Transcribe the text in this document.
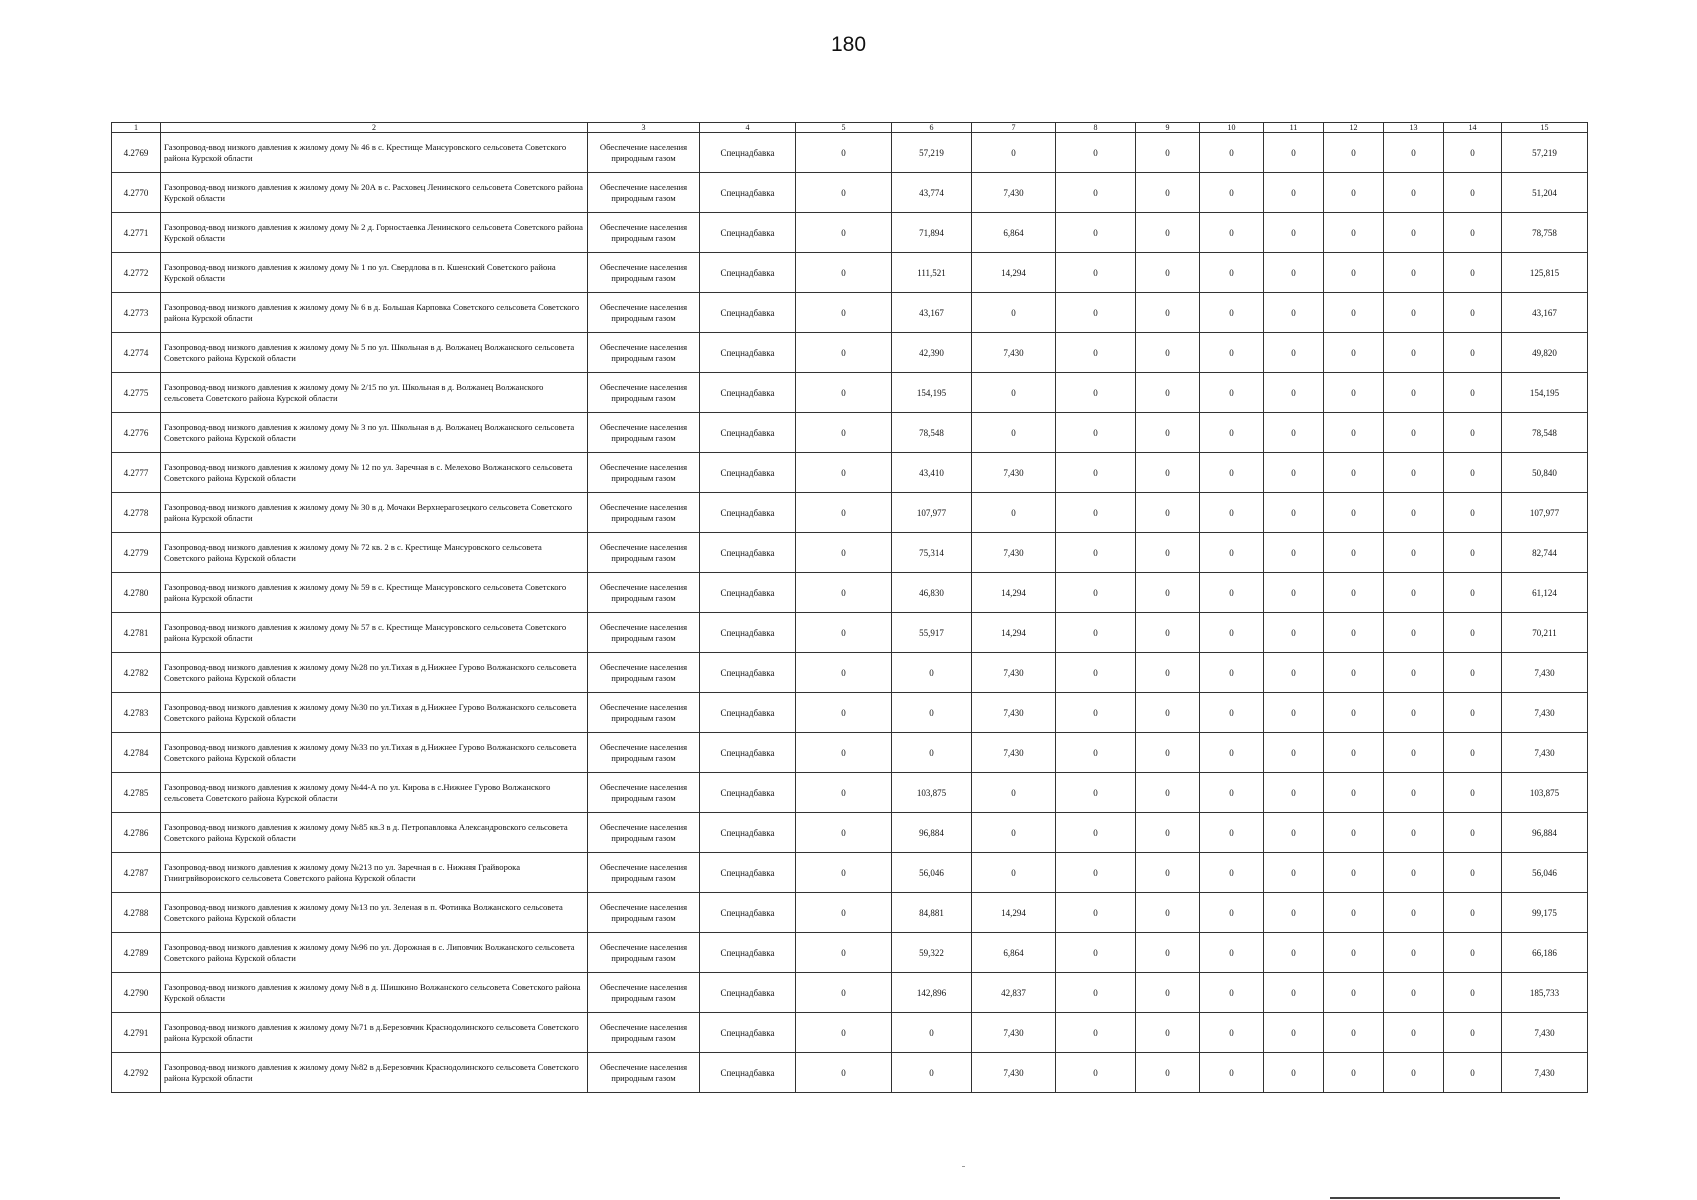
180
1	2	3	4	5	6	7	8	9	10	11	12	13	14	15
4.2769	Газопровод-ввод низкого давления к жилому дому № 46 в с. Крестище Мансуровского сельсовета Советского района Курской области	Обеспечение населения природным газом	Спецнадбавка	0	57,219	0	0	0	0	0	0	0	0	57,219
4.2770	Газопровод-ввод низкого давления к жилому дому № 20А в с. Расховец Ленинского сельсовета Советского района Курской области	Обеспечение населения природным газом	Спецнадбавка	0	43,774	7,430	0	0	0	0	0	0	0	51,204
4.2771	Газопровод-ввод низкого давления к жилому дому № 2 д. Горностаевка Ленинского сельсовета Советского района Курской области	Обеспечение населения природным газом	Спецнадбавка	0	71,894	6,864	0	0	0	0	0	0	0	78,758
4.2772	Газопровод-ввод низкого давления к жилому дому № 1 по ул. Свердлова в п. Кшенский Советского района Курской области	Обеспечение населения природным газом	Спецнадбавка	0	111,521	14,294	0	0	0	0	0	0	0	125,815
4.2773	Газопровод-ввод низкого давления к жилому дому № 6 в д. Большая Карповка Советского сельсовета Советского района Курской области	Обеспечение населения природным газом	Спецнадбавка	0	43,167	0	0	0	0	0	0	0	0	43,167
4.2774	Газопровод-ввод низкого давления к жилому дому № 5 по ул. Школьная в д. Волжанец Волжанского сельсовета Советского района Курской области	Обеспечение населения природным газом	Спецнадбавка	0	42,390	7,430	0	0	0	0	0	0	0	49,820
4.2775	Газопровод-ввод низкого давления к жилому дому № 2/15 по ул. Школьная в д. Волжанец Волжанского сельсовета Советского района Курской области	Обеспечение населения природным газом	Спецнадбавка	0	154,195	0	0	0	0	0	0	0	0	154,195
4.2776	Газопровод-ввод низкого давления к жилому дому № 3 по ул. Школьная в д. Волжанец Волжанского сельсовета Советского района Курской области	Обеспечение населения природным газом	Спецнадбавка	0	78,548	0	0	0	0	0	0	0	0	78,548
4.2777	Газопровод-ввод низкого давления к жилому дому № 12 по ул. Заречная в с. Мелехово Волжанского сельсовета Советского района Курской области	Обеспечение населения природным газом	Спецнадбавка	0	43,410	7,430	0	0	0	0	0	0	0	50,840
4.2778	Газопровод-ввод низкого давления к жилому дому № 30 в д. Мочаки Верхнерагозецкого сельсовета Советского района Курской области	Обеспечение населения природным газом	Спецнадбавка	0	107,977	0	0	0	0	0	0	0	0	107,977
4.2779	Газопровод-ввод низкого давления к жилому дому № 72 кв. 2 в с. Крестище Мансуровского сельсовета Советского района Курской области	Обеспечение населения природным газом	Спецнадбавка	0	75,314	7,430	0	0	0	0	0	0	0	82,744
4.2780	Газопровод-ввод низкого давления к жилому дому № 59 в с. Крестище Мансуровского сельсовета Советского района Курской области	Обеспечение населения природным газом	Спецнадбавка	0	46,830	14,294	0	0	0	0	0	0	0	61,124
4.2781	Газопровод-ввод низкого давления к жилому дому № 57 в с. Крестище Мансуровского сельсовета Советского района Курской области	Обеспечение населения природным газом	Спецнадбавка	0	55,917	14,294	0	0	0	0	0	0	0	70,211
4.2782	Газопровод-ввод низкого давления к жилому дому №28 по ул.Тихая в д.Нижнее Гурово Волжанского сельсовета Советского района Курской области	Обеспечение населения природным газом	Спецнадбавка	0	0	7,430	0	0	0	0	0	0	0	7,430
4.2783	Газопровод-ввод низкого давления к жилому дому №30 по ул.Тихая в д.Нижнее Гурово Волжанского сельсовета Советского района Курской области	Обеспечение населения природным газом	Спецнадбавка	0	0	7,430	0	0	0	0	0	0	0	7,430
4.2784	Газопровод-ввод низкого давления к жилому дому №33 по ул.Тихая в д.Нижнее Гурово Волжанского сельсовета Советского района Курской области	Обеспечение населения природным газом	Спецнадбавка	0	0	7,430	0	0	0	0	0	0	0	7,430
4.2785	Газопровод-ввод низкого давления к жилому дому №44-А по ул. Кирова в с.Нижнее Гурово Волжанского сельсовета Советского района Курской области	Обеспечение населения природным газом	Спецнадбавка	0	103,875	0	0	0	0	0	0	0	0	103,875
4.2786	Газопровод-ввод низкого давления к жилому дому №85 кв.3 в д. Петропавловка Александровского сельсовета Советского района Курской области	Обеспечение населения природным газом	Спецнадбавка	0	96,884	0	0	0	0	0	0	0	0	96,884
4.2787	Газопровод-ввод низкого давления к жилому дому №213 по ул. Заречная в с. Нижняя Грайворока Гниигрвйвороиского сельсовета Советского района Курской области	Обеспечение населения природным газом	Спецнадбавка	0	56,046	0	0	0	0	0	0	0	0	56,046
4.2788	Газопровод-ввод низкого давления к жилому дому №13 по ул. Зеленая в п. Фотинка Волжанского сельсовета Советского района Курской области	Обеспечение населения природным газом	Спецнадбавка	0	84,881	14,294	0	0	0	0	0	0	0	99,175
4.2789	Газопровод-ввод низкого давления к жилому дому №96 по ул. Дорожная в с. Липовчик Волжанского сельсовета Советского района Курской области	Обеспечение населения природным газом	Спецнадбавка	0	59,322	6,864	0	0	0	0	0	0	0	66,186
4.2790	Газопровод-ввод низкого давления к жилому дому №8 в д. Шишкино Волжанского сельсовета Советского района Курской области	Обеспечение населения природным газом	Спецнадбавка	0	142,896	42,837	0	0	0	0	0	0	0	185,733
4.2791	Газопровод-ввод низкого давления к жилому дому №71 в д.Березовчик Краснодолинского сельсовета Советского района Курской области	Обеспечение населения природным газом	Спецнадбавка	0	0	7,430	0	0	0	0	0	0	0	7,430
4.2792	Газопровод-ввод низкого давления к жилому дому №82 в д.Березовчик Краснодолинского сельсовета Советского района Курской области	Обеспечение населения природным газом	Спецнадбавка	0	0	7,430	0	0	0	0	0	0	0	7,430
